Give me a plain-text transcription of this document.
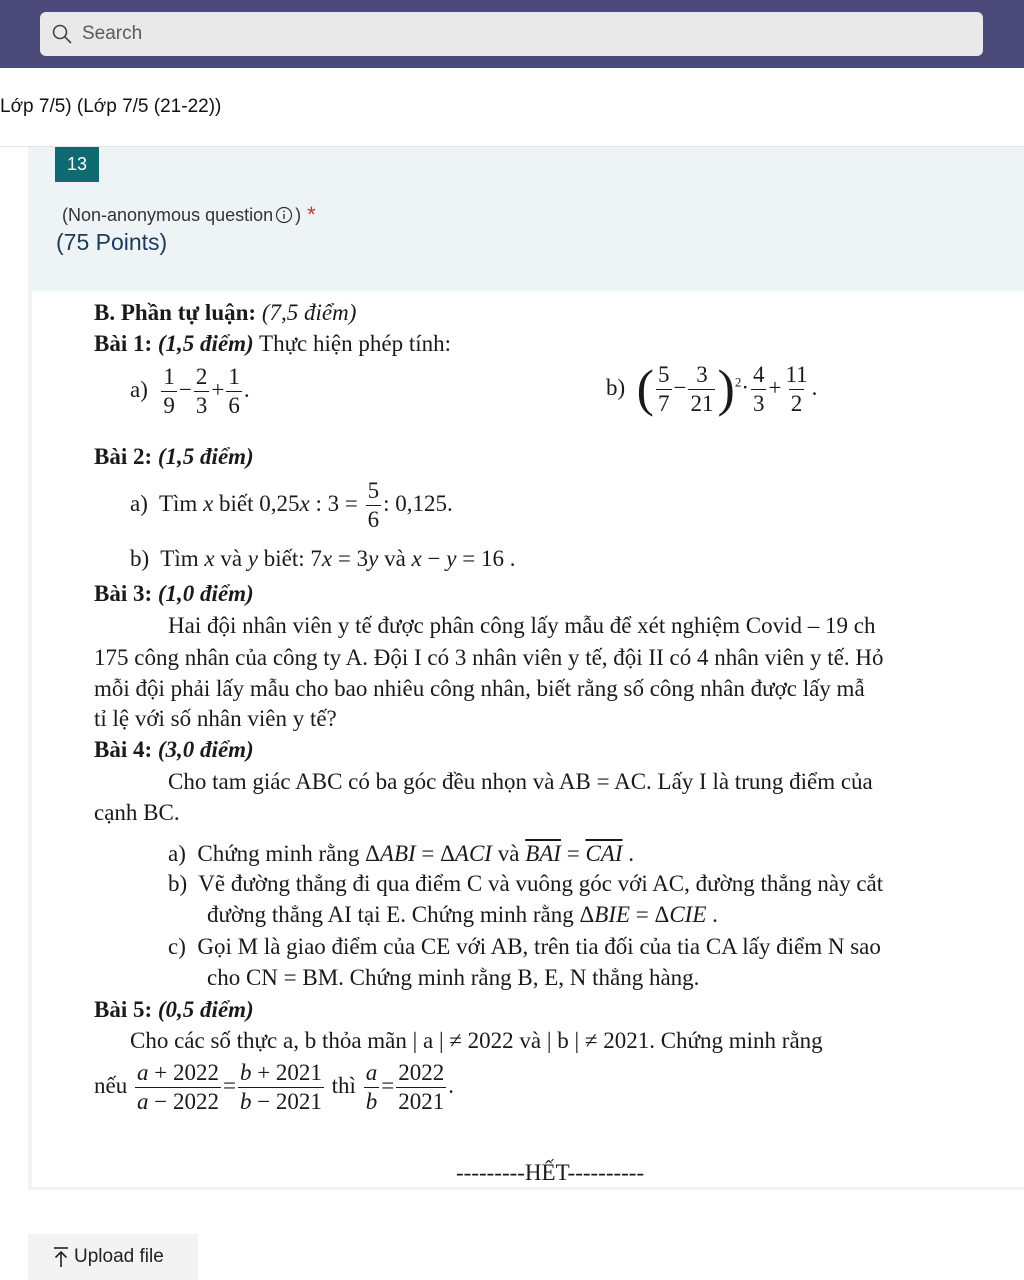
Search
Lớp 7/5) (Lớp 7/5 (21-22))
13
(Non-anonymous question ) *
(75 Points)
B. Phần tự luận: (7,5 điểm)
Bài 1: (1,5 điểm) Thực hiện phép tính:
$a) \frac{1}{9} - \frac{2}{3} + \frac{1}{6}$ .	b) ( $\frac{5}{7} - \frac{3}{21} )^2\cdot \frac{4}{3} + \frac{11}{2}$ .
Bài 2: (1,5 điểm)
a) Tìm x biết 0,25x : $3 = \frac{5}{6}$ : 0,125.
b) Tìm x và y biết: 7x = 3y và x − y = 16 .
Bài 3: (1,0 điểm)
Hai đội nhân viên y tế được phân công lấy mẫu để xét nghiệm Covid – 19 ch
175 công nhân của công ty A. Đội I có 3 nhân viên y tế, đội II có 4 nhân viên y tế. Hỏ
mỗi đội phải lấy mẫu cho bao nhiêu công nhân, biết rằng số công nhân được lấy mẫ
tỉ lệ với số nhân viên y tế?
Bài 4: (3,0 điểm)
Cho tam giác ABC có ba góc đều nhọn và AB = AC. Lấy I là trung điểm của
cạnh BC.
a) Chứng minh rằng ΔABI = ΔACI và $\overline{BAI} = \overline{CAI}$ .
b) Vẽ đường thẳng đi qua điểm C và vuông góc với AC, đường thẳng này cắt
đường thẳng AI tại E. Chứng minh rằng ΔBIE = ΔCIE .
c) Gọi M là giao điểm của CE với AB, trên tia đối của tia CA lấy điểm N sao
cho CN = BM. Chứng minh rằng B, E, N thẳng hàng.
Bài 5: (0,5 điểm)
Cho các số thực a, b thỏa mãn | a | ≠ 2022 và | b | ≠ 2021. Chứng minh rằng
nếu $\frac{a + 2022}{a - 2022} = \frac{b + 2021}{b - 2021}$ thì $\frac{a}{b} = \frac{2022}{2021}$ .
---------HẾT----------
Upload file
